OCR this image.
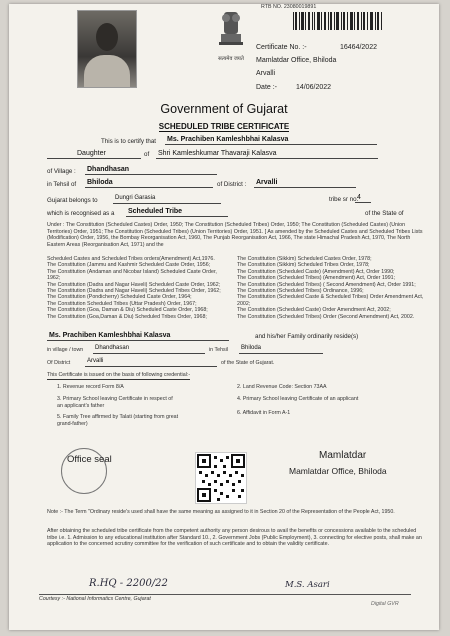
सत्यमेव जयते
RTB NO. 23080019891
Certificate No. :-	16464/2022
Mamlatdar Office, Bhiloda
Arvalli
Date :-	14/06/2022
Government of Gujarat
SCHEDULED TRIBE CERTIFICATE
This is to certify that Ms. Prachiben Kamleshbhai Kalasva
Daughter	of Shri Kamleshkumar Thavaraji Kalasva
of Village : Dhandhasan
in Tehsil of Bhiloda	of District : Arvalli
Gujarat belongs to	Dungri Garasia	tribe sr no.
4
which is recognised as a Scheduled Tribe	of the State of
Under : The Constitution (Scheduled Castes) Order, 1950; The Constitution (Scheduled Tribes) Order, 1950; The Constitution (Scheduled Castes) (Union Territories) Order, 1951; The Constitution (Scheduled Tribes) (Union Territories) Order, 1951. [ As amended by the Scheduled Castes and Scheduled Tribes Lists (Modification) Order, 1956, the Bombay Reorganisation Act, 1960, The Punjab Reorganisation Act, 1966, The state Himachal Pradesh Act, 1970, The North Eastern Areas (Reorganisation Act, 1971) and the
Scheduled Castes and Scheduled Tribes orders(Amendment) Act,1976.
The Constitution (Jammu and Kashmir Scheduled Caste Order, 1956;
The Constitution (Andaman and Nicobar Island) Scheduled Caste Order, 1962;
The Constitution (Dadra and Nagar Haveli) Scheduled Caste Order, 1962;
The Constitution (Dadra and Nagar Haveli) Scheduled Tribes Order, 1962;
The Constitution (Pondicherry) Scheduled Caste Order, 1964;
The Constitution Scheduled Tribes (Uttar Pradesh) Order, 1967;
The Constitution (Goa, Daman & Diu) Scheduled Caste Order, 1968;
The Constitution (Goa,Daman & Diu) Scheduled Tribes Order, 1968;
The Constitution (Sikkim) Scheduled Castes Order, 1978;
The Constitution (Sikkim) Scheduled Tribes Order, 1978;
The Constitution (Scheduled Caste) (Amendment) Act, Order 1990;
The Constitution (Scheduled Tribes) (Amendment) Act, Order 1991;
The Constitution (Scheduled Tribes) ( Second Amendment) Act, Order 1991;
The Constitution (Scheduled Tribes) Ordinance, 1996;
The Constitution (Scheduled Caste & Scheduled Tribes) Order Amendment Act, 2002;
The Constitution (Scheduled Caste) Order Amendment Act, 2002;
The Constitution (Scheduled Tribes) Order (Second Amendment) Act, 2002.
Ms. Prachiben Kamleshbhai Kalasva	and his/her Family ordinarily reside(s)
in village / town	Dhandhasan	in Tehsil	Bhiloda
Of District	Arvalli	of the State of Gujarat.
This Certificate is issued on the basis of following credential:-
1. Revenue record Form 8/A	2. Land Revenue Code: Section 73AA
3. Primary School leaving Certificate in respect of an applicant's father
4. Primary School leaving Certificate of an applicant
5. Family Tree affirmed by Talati (starting from great grand-father)
6. Affidavit in Form A-1
Office seal	Mamlatdar
Mamlatdar Office, Bhiloda
Note :- The Term "Ordinary reside's used shall have the same meaning as assigned to it in Section 20 of the Representation of the People Act, 1950.
After obtaining the scheduled tribe certificate from the competent authority any person desirous to avail the benefits or concessions available to the scheduled tribe i.e. 1. Admission to any educational institution after Standard 10., 2. Government Jobs (Public Employment), 3. connecting for elective posts, shall make an application to the concerned scrutiny committee for the verification of such certificate and to obtain the validity certificate.
R.HQ - 2200/22	M.S. Asari
Courtesy :- National Informatics Centre, Gujarat
Digital GVR
